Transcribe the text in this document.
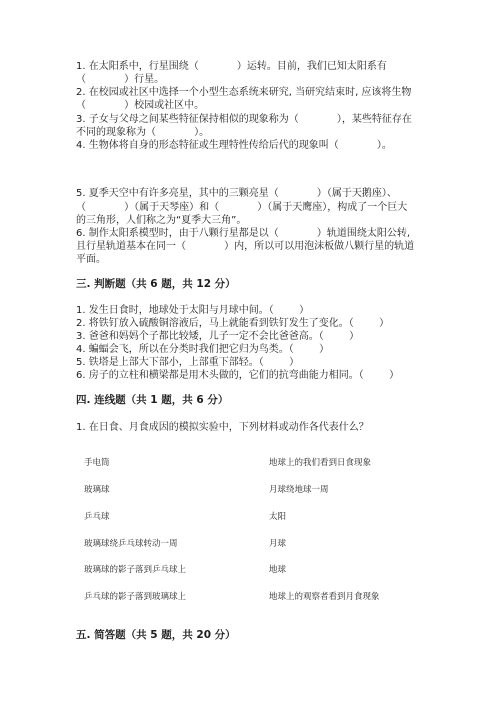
1. 在太阳系中，行星围绕（            ）运转。目前，我们已知太阳系有
（            ）行星。
2. 在校园或社区中选择一个小型生态系统来研究, 当研究结束时, 应该将生物
（            ）校园或社区中。
3. 子女与父母之间某些特征保持相似的现象称为（            ），某些特征存在
不同的现象称为（            ）。
4. 生物体将自身的形态特征或生理特性传给后代的现象叫（            ）。
5. 夏季天空中有许多亮星，其中的三颗亮星（            ）（属于天鹅座）、
（            ）（属于天琴座）和（            ）（属于天鹰座），构成了一个巨大
的三角形，人们称之为“夏季大三角”。
6. 制作太阳系模型时，由于八颗行星都是以（            ）轨道围绕太阳公转,
且行星轨道基本在同一（            ）内，所以可以用泡沫板做八颗行星的轨道
平面。
三. 判断题（共 6 题，共 12 分）
1. 发生日食时，地球处于太阳与月球中间。（        ）
2. 将铁钉放入硫酸铜溶液后，马上就能看到铁钉发生了变化。（        ）
3. 爸爸和妈妈个子都比较矮，儿子一定不会比爸爸高。（        ）
4. 蝙蝠会飞，所以在分类时我们把它归为鸟类。（        ）
5. 铁塔是上部大下部小，上部重下部轻。（        ）
6. 房子的立柱和横梁都是用木头做的，它们的抗弯曲能力相同。（        ）
四. 连线题（共 1 题，共 6 分）
1. 在日食、月食成因的模拟实验中，下列材料或动作各代表什么？
手电筒	地球上的我们看到日食现象
玻璃球	月球绕地球一周
乒乓球	太阳
玻璃球绕乒乓球转动一周	月球
玻璃球的影子落到乒乓球上	地球
乒乓球的影子落到玻璃球上	地球上的观察者看到月食现象
五. 简答题（共 5 题，共 20 分）
